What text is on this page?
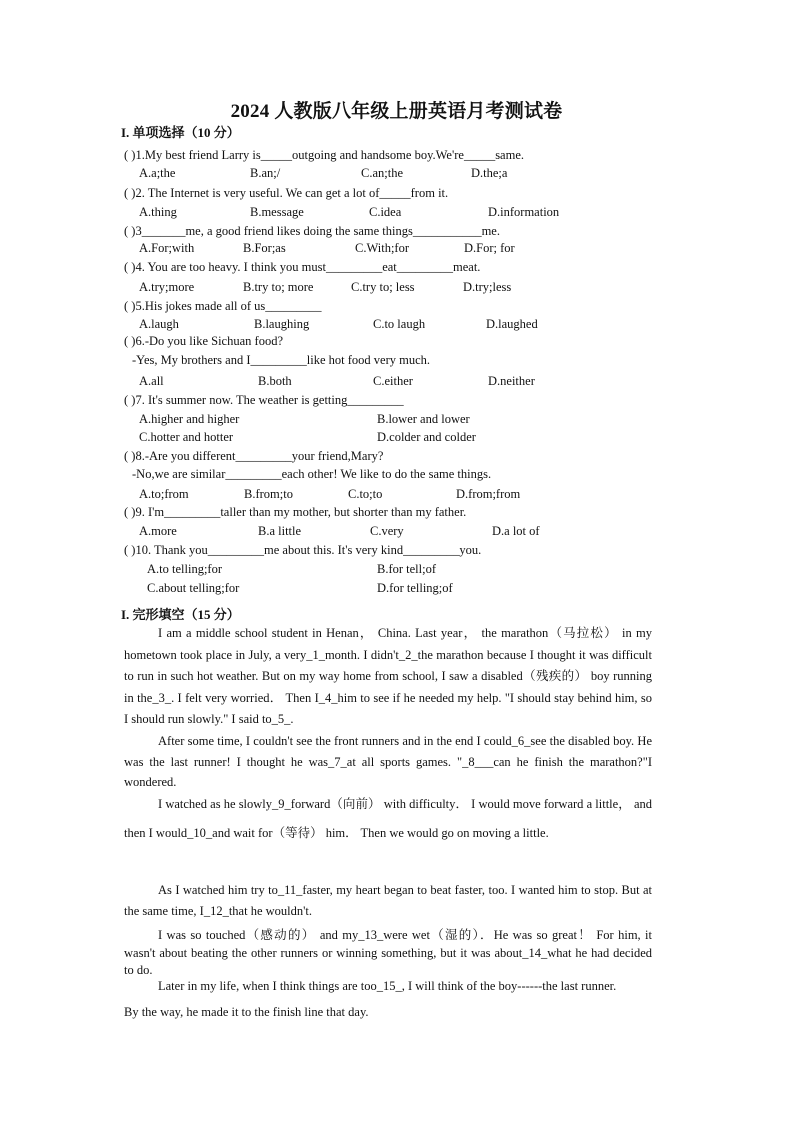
2024 人教版八年级上册英语月考测试卷
I. 单项选择（10 分）
( )1.My best friend Larry is_____outgoing and handsome boy.We're_____same.
A.a;the	B.an;/	C.an;the	D.the;a
( )2. The Internet is very useful. We can get a lot of_____from it.
A.thing	B.message	C.idea	D.information
( )3_______me, a good friend likes doing the same things___________me.
A.For;with	B.For;as	C.With;for	D.For; for
( )4. You are too heavy. I think you must_________eat_________meat.
A.try;more	B.try to; more	C.try to; less	D.try;less
( )5.His jokes made all of us_________
A.laugh	B.laughing	C.to laugh	D.laughed
( )6.-Do you like Sichuan food?
-Yes, My brothers and I_________like hot food very much.
A.all	B.both	C.either	D.neither
( )7. It's summer now. The weather is getting_________
A.higher and higher	B.lower and lower
C.hotter and hotter	D.colder and colder
( )8.-Are you different_________your friend,Mary?
-No,we are similar_________each other! We like to do the same things.
A.to;from	B.from;to	C.to;to	D.from;from
( )9. I'm_________taller than my mother, but shorter than my father.
A.more	B.a little	C.very	D.a lot of
( )10. Thank you_________me about this. It's very kind_________you.
A.to telling;for	B.for tell;of
C.about telling;for	D.for telling;of
I. 完形填空（15 分）
I am a middle school student in Henan， China. Last year， the marathon（马拉松） in my hometown took place in July, a very_1_month. I didn't_2_the marathon because I thought it was difficult to run in such hot weather. But on my way home from school, I saw a disabled（残疾的） boy running in the_3_. I felt very worried． Then I_4_him to see if he needed my help. "I should stay behind him, so I should run slowly." I said to_5_.
After some time, I couldn't see the front runners and in the end I could_6_see the disabled boy. He was the last runner! I thought he was_7_at all sports games. "_8___can he finish the marathon?"I wondered.
I watched as he slowly_9_forward（向前） with difficulty． I would move forward a little， and then I would_10_and wait for（等待） him． Then we would go on moving a little.
As I watched him try to_11_faster, my heart began to beat faster, too. I wanted him to stop. But at the same time, I_12_that he wouldn't.
I was so touched（感动的） and my_13_were wet（湿的）．He was so great！ For him, it wasn't about beating the other runners or winning something, but it was about_14_what he had decided to do.
Later in my life, when I think things are too_15_, I will think of the boy------the last runner.
By the way, he made it to the finish line that day.
